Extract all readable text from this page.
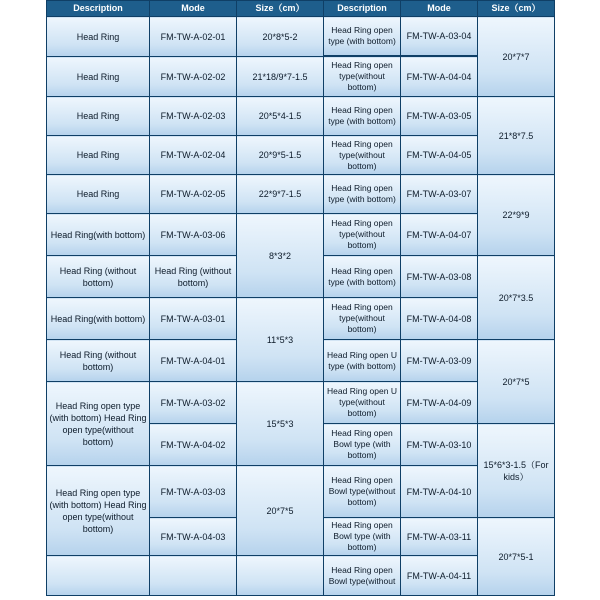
Description	Mode	Size（cm）	Description	Mode	Size（cm）
Head Ring	FM-TW-A-02-01	20*8*5-2	Head Ring open type (with bottom)	FM-TW-A-03-04	20*7*7

Head Ring	FM-TW-A-02-02	21*18/9*7-1.5	Head Ring open type(without bottom)	FM-TW-A-04-04	

Head Ring	FM-TW-A-02-03	20*5*4-1.5	Head Ring open type (with bottom)	FM-TW-A-03-05	21*8*7.5
Head Ring	FM-TW-A-02-04	20*9*5-1.5	Head Ring open type(without bottom)	FM-TW-A-04-05	
Head Ring	FM-TW-A-02-05	22*9*7-1.5	Head Ring open type (with bottom)	FM-TW-A-03-07	22*9*9
Head Ring(with bottom)	FM-TW-A-03-06	8*3*2	Head Ring open type(without bottom)	FM-TW-A-04-07	
Head Ring (without bottom)	Head Ring (without bottom)		Head Ring open type (with bottom)	FM-TW-A-03-08	20*7*3.5
Head Ring(with bottom)	FM-TW-A-03-01	11*5*3	Head Ring open type(without bottom)	FM-TW-A-04-08	
Head Ring (without bottom)	FM-TW-A-04-01		Head Ring open U type (with bottom)	FM-TW-A-03-09	20*7*5
Head Ring open type (with bottom) Head Ring open type(without bottom)	FM-TW-A-03-02	15*5*3	Head Ring open U type(without bottom)	FM-TW-A-04-09	
	FM-TW-A-04-02		Head Ring open Bowl type (with bottom)	FM-TW-A-03-10	15*6*3-1.5（For kids）
Head Ring open type (with bottom) Head Ring open type(without bottom)	FM-TW-A-03-03	20*7*5	Head Ring open Bowl type(without bottom)	FM-TW-A-04-10	
	FM-TW-A-04-03		Head Ring open Bowl type (with bottom)	FM-TW-A-03-11	20*7*5-1
			Head Ring open Bowl type(without	FM-TW-A-04-11	
